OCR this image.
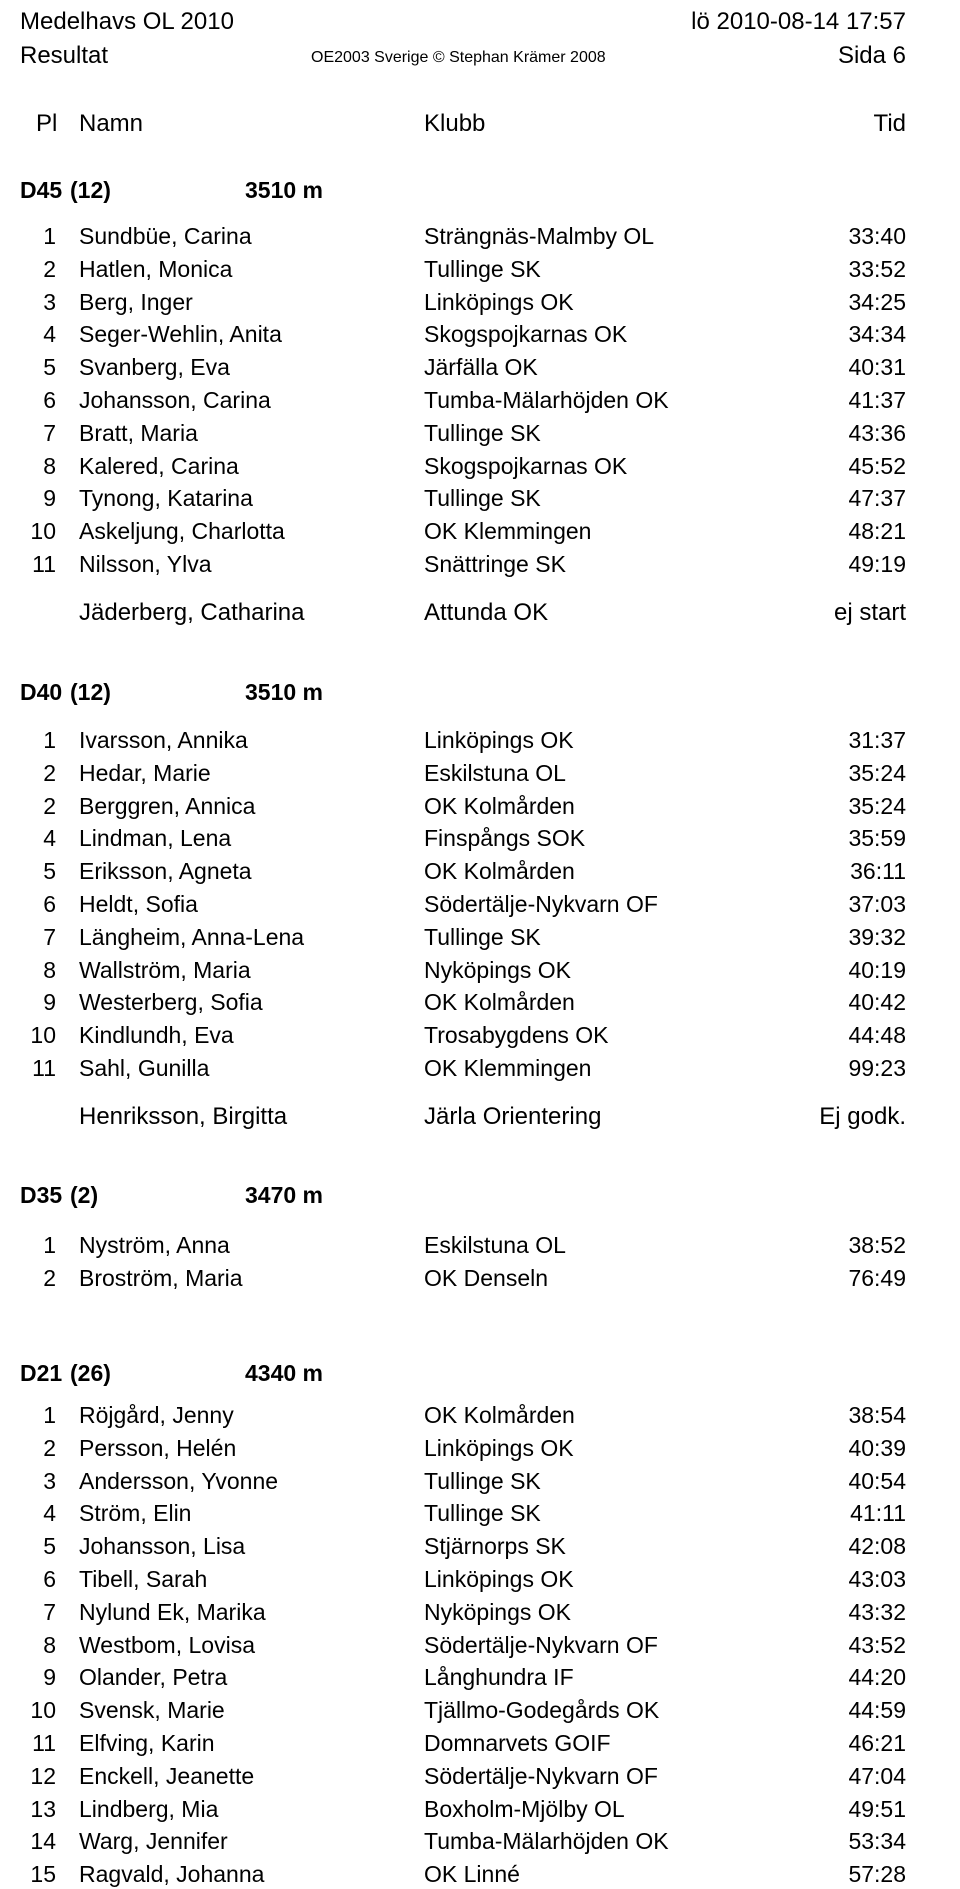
Medelhavs OL 2010	lö 2010-08-14 17:57
Resultat	OE2003 Sverige © Stephan Krämer 2008	Sida 6
Pl Namn	Klubb	Tid
D45 (12)	3510 m
1 Sundbüe, Carina	Strängnäs-Malmby OL	33:40
2 Hatlen, Monica	Tullinge SK	33:52
3 Berg, Inger	Linköpings OK	34:25
4 Seger-Wehlin, Anita	Skogspojkarnas OK	34:34
5 Svanberg, Eva	Järfälla OK	40:31
6 Johansson, Carina	Tumba-Mälarhöjden OK	41:37
7 Bratt, Maria	Tullinge SK	43:36
8 Kalered, Carina	Skogspojkarnas OK	45:52
9 Tynong, Katarina	Tullinge SK	47:37
10 Askeljung, Charlotta	OK Klemmingen	48:21
11 Nilsson, Ylva	Snättringe SK	49:19
Jäderberg, Catharina	Attunda OK	ej start
D40 (12)	3510 m
1 Ivarsson, Annika	Linköpings OK	31:37
2 Hedar, Marie	Eskilstuna OL	35:24
2 Berggren, Annica	OK Kolmården	35:24
4 Lindman, Lena	Finspångs SOK	35:59
5 Eriksson, Agneta	OK Kolmården	36:11
6 Heldt, Sofia	Södertälje-Nykvarn OF	37:03
7 Längheim, Anna-Lena	Tullinge SK	39:32
8 Wallström, Maria	Nyköpings OK	40:19
9 Westerberg, Sofia	OK Kolmården	40:42
10 Kindlundh, Eva	Trosabygdens OK	44:48
11 Sahl, Gunilla	OK Klemmingen	99:23
Henriksson, Birgitta	Järla Orientering	Ej godk.
D35 (2)	3470 m
1 Nyström, Anna	Eskilstuna OL	38:52
2 Broström, Maria	OK Denseln	76:49
D21 (26)	4340 m
1 Röjgård, Jenny	OK Kolmården	38:54
2 Persson, Helén	Linköpings OK	40:39
3 Andersson, Yvonne	Tullinge SK	40:54
4 Ström, Elin	Tullinge SK	41:11
5 Johansson, Lisa	Stjärnorps SK	42:08
6 Tibell, Sarah	Linköpings OK	43:03
7 Nylund Ek, Marika	Nyköpings OK	43:32
8 Westbom, Lovisa	Södertälje-Nykvarn OF	43:52
9 Olander, Petra	Långhundra IF	44:20
10 Svensk, Marie	Tjällmo-Godegårds OK	44:59
11 Elfving, Karin	Domnarvets GOIF	46:21
12 Enckell, Jeanette	Södertälje-Nykvarn OF	47:04
13 Lindberg, Mia	Boxholm-Mjölby OL	49:51
14 Warg, Jennifer	Tumba-Mälarhöjden OK	53:34
15 Ragvald, Johanna	OK Linné	57:28
